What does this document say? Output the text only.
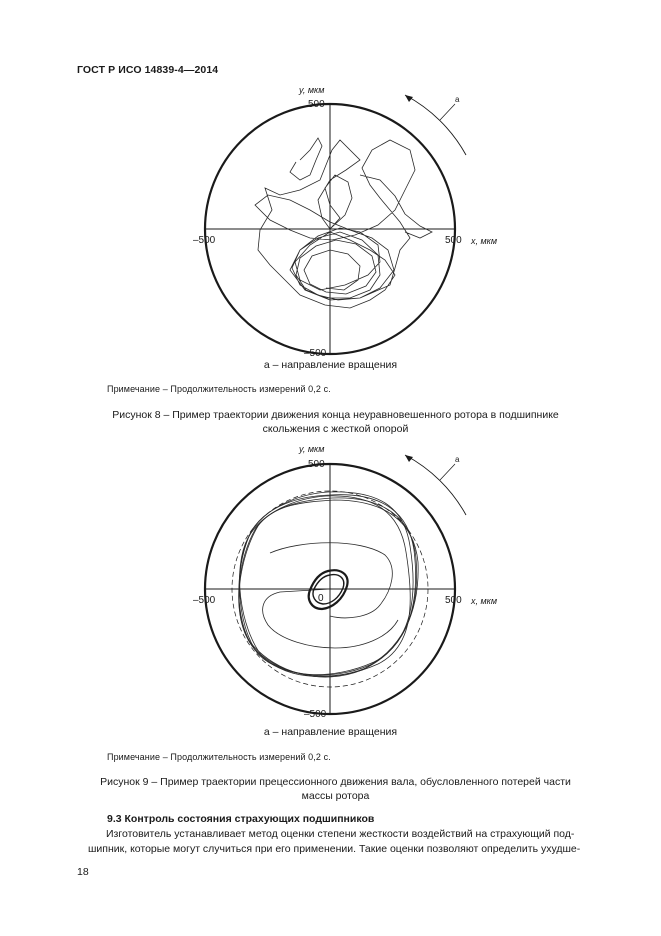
ГОСТ Р ИСО 14839-4—2014
a
y, мкм
500
–500
–500	500 x, мкм
a – направление вращения
Примечание – Продолжительность измерений 0,2 с.
Рисунок 8 – Пример траектории движения конца неуравновешенного ротора в подшипнике
скольжения с жесткой опорой
a
y, мкм
500
–500
–500	500 x, мкм
0
a – направление вращения
Примечание – Продолжительность измерений 0,2 с.
Рисунок 9 – Пример траектории прецессионного движения вала, обусловленного потерей части
массы ротора
9.3 Контроль состояния страхующих подшипников
Изготовитель устанавливает метод оценки степени жесткости воздействий на страхующий под-
шипник, которые могут случиться при его применении. Такие оценки позволяют определить ухудше-
18
